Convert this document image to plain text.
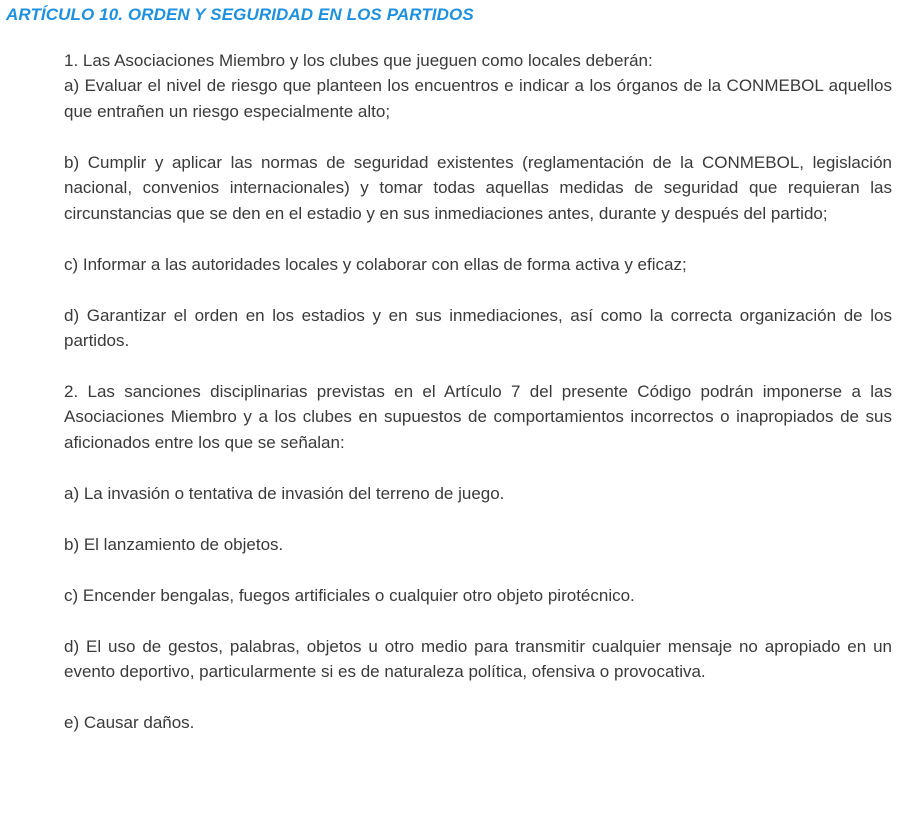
ARTÍCULO 10. ORDEN Y SEGURIDAD EN LOS PARTIDOS

1. Las Asociaciones Miembro y los clubes que jueguen como locales deberán:

a) Evaluar el nivel de riesgo que planteen los encuentros e indicar a los órganos de la CONMEBOL aquellos que entrañen un riesgo especialmente alto;

b) Cumplir y aplicar las normas de seguridad existentes (reglamentación de la CONMEBOL, legislación nacional, convenios internacionales) y tomar todas aquellas medidas de seguridad que requieran las circunstancias que se den en el estadio y en sus inmediaciones antes, durante y después del partido;

c) Informar a las autoridades locales y colaborar con ellas de forma activa y eficaz;

d) Garantizar el orden en los estadios y en sus inmediaciones, así como la correcta organización de los partidos.

2. Las sanciones disciplinarias previstas en el Artículo 7 del presente Código podrán imponerse a las Asociaciones Miembro y a los clubes en supuestos de comportamientos incorrectos o inapropiados de sus aficionados entre los que se señalan:

a) La invasión o tentativa de invasión del terreno de juego.

b) El lanzamiento de objetos.

c) Encender bengalas, fuegos artificiales o cualquier otro objeto pirotécnico.

d) El uso de gestos, palabras, objetos u otro medio para transmitir cualquier mensaje no apropiado en un evento deportivo, particularmente si es de naturaleza política, ofensiva o provocativa.

e) Causar daños.
